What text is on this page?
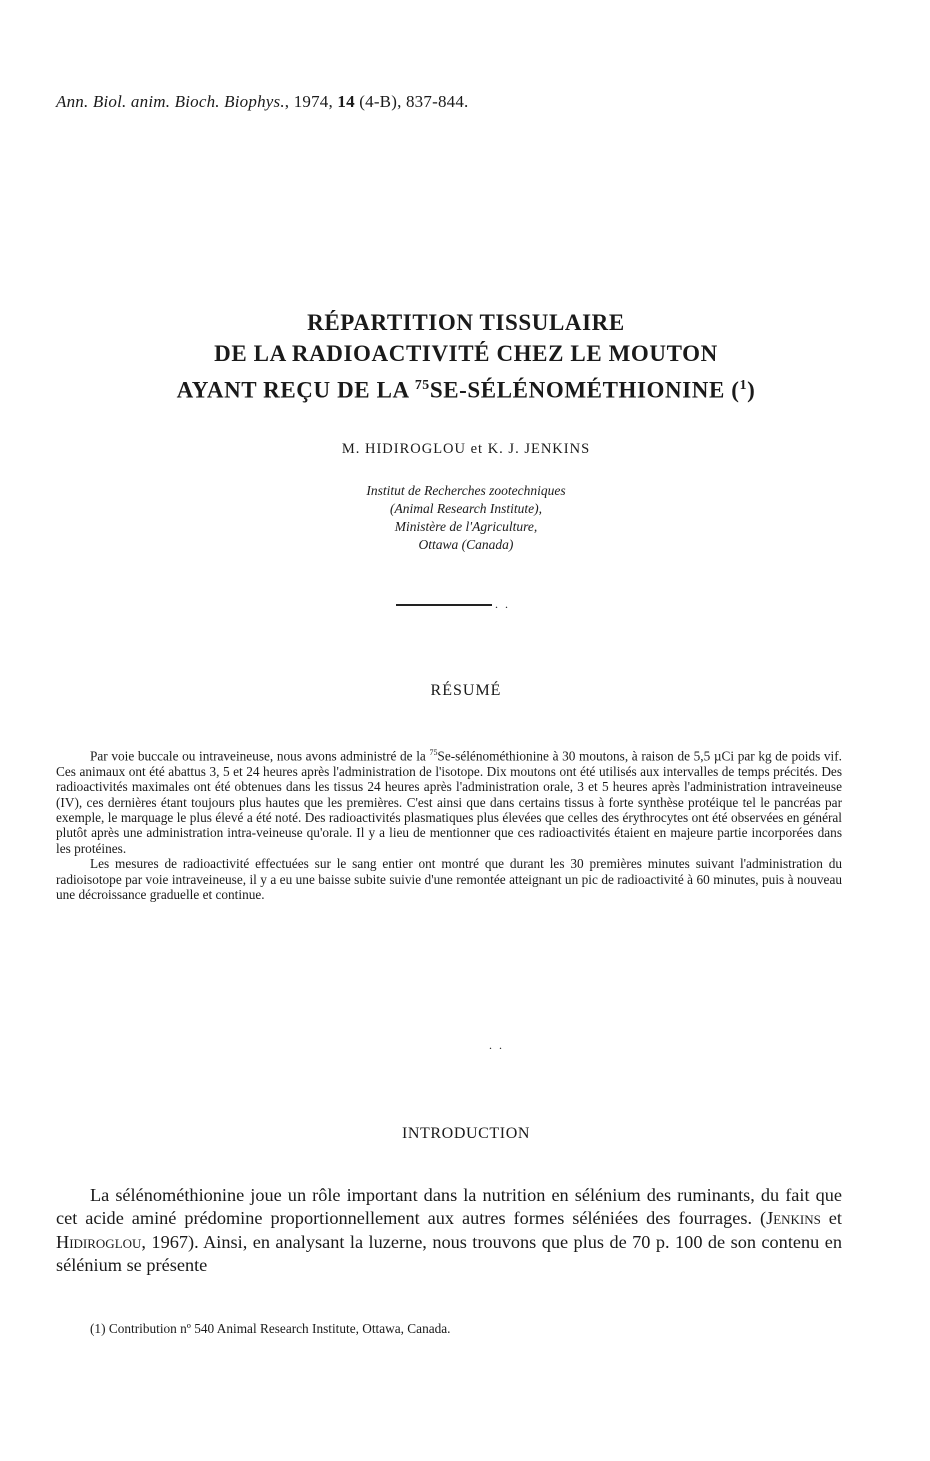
Ann. Biol. anim. Bioch. Biophys., 1974, 14 (4-B), 837-844.
RÉPARTITION TISSULAIRE
DE LA RADIOACTIVITÉ CHEZ LE MOUTON
AYANT REÇU DE LA $^{75}$SE-SÉLÉNOMÉTHIONINE ($^1$)
M. HIDIROGLOU et K. J. JENKINS
Institut de Recherches zootechniques
(Animal Research Institute),
Ministère de l'Agriculture,
Ottawa (Canada)
. .
RÉSUMÉ

Par voie buccale ou intraveineuse, nous avons administré de la $^{75}$Se-sélénométhionine à 30 moutons, à raison de 5,5 µCi par kg de poids vif. Ces animaux ont été abattus 3, 5 et 24 heures après l'administration de l'isotope. Dix moutons ont été utilisés aux intervalles de temps précités. Des radioactivités maximales ont été obtenues dans les tissus 24 heures après l'administration orale, 3 et 5 heures après l'administration intraveineuse (IV), ces dernières étant toujours plus hautes que les premières. C'est ainsi que dans certains tissus à forte synthèse protéique tel le pancréas par exemple, le marquage le plus élevé a été noté. Des radioactivités plasmatiques plus élevées que celles des érythrocytes ont été observées en général plutôt après une administration intra-veineuse qu'orale. Il y a lieu de mentionner que ces radioactivités étaient en majeure partie incorporées dans les protéines.

Les mesures de radioactivité effectuées sur le sang entier ont montré que durant les 30 premières minutes suivant l'administration du radioisotope par voie intraveineuse, il y a eu une baisse subite suivie d'une remontée atteignant un pic de radioactivité à 60 minutes, puis à nouveau une décroissance graduelle et continue.

. .
INTRODUCTION

La sélénométhionine joue un rôle important dans la nutrition en sélénium des ruminants, du fait que cet acide aminé prédomine proportionnellement aux autres formes séléniées des fourrages. (Jenkins et Hidiroglou, 1967). Ainsi, en analysant la luzerne, nous trouvons que plus de 70 p. 100 de son contenu en sélénium se présente

(1) Contribution nº 540 Animal Research Institute, Ottawa, Canada.
